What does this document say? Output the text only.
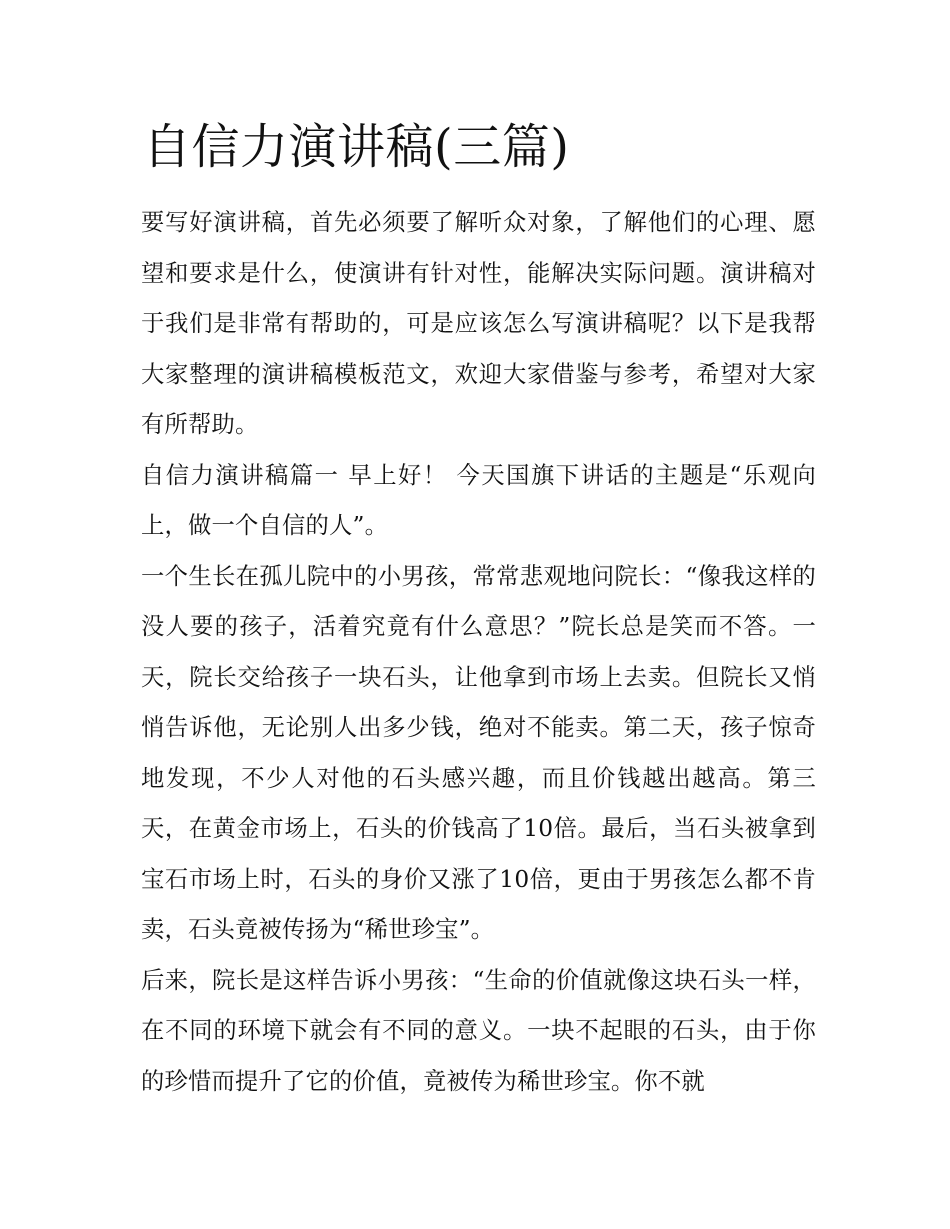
自信力演讲稿(三篇)

要写好演讲稿，首先必须要了解听众对象，了解他们的心理、愿望和要求是什么，使演讲有针对性，能解决实际问题。演讲稿对于我们是非常有帮助的，可是应该怎么写演讲稿呢？以下是我帮大家整理的演讲稿模板范文，欢迎大家借鉴与参考，希望对大家有所帮助。

自信力演讲稿篇一 早上好！ 今天国旗下讲话的主题是“乐观向上，做一个自信的人”。

一个生长在孤儿院中的小男孩，常常悲观地问院长：“像我这样的没人要的孩子，活着究竟有什么意思？”院长总是笑而不答。一天，院长交给孩子一块石头，让他拿到市场上去卖。但院长又悄悄告诉他，无论别人出多少钱，绝对不能卖。第二天，孩子惊奇地发现，不少人对他的石头感兴趣，而且价钱越出越高。第三天，在黄金市场上，石头的价钱高了10倍。最后，当石头被拿到宝石市场上时，石头的身价又涨了10倍，更由于男孩怎么都不肯卖，石头竟被传扬为“稀世珍宝”。

后来，院长是这样告诉小男孩：“生命的价值就像这块石头一样，在不同的环境下就会有不同的意义。一块不起眼的石头，由于你的珍惜而提升了它的价值，竟被传为稀世珍宝。你不就
